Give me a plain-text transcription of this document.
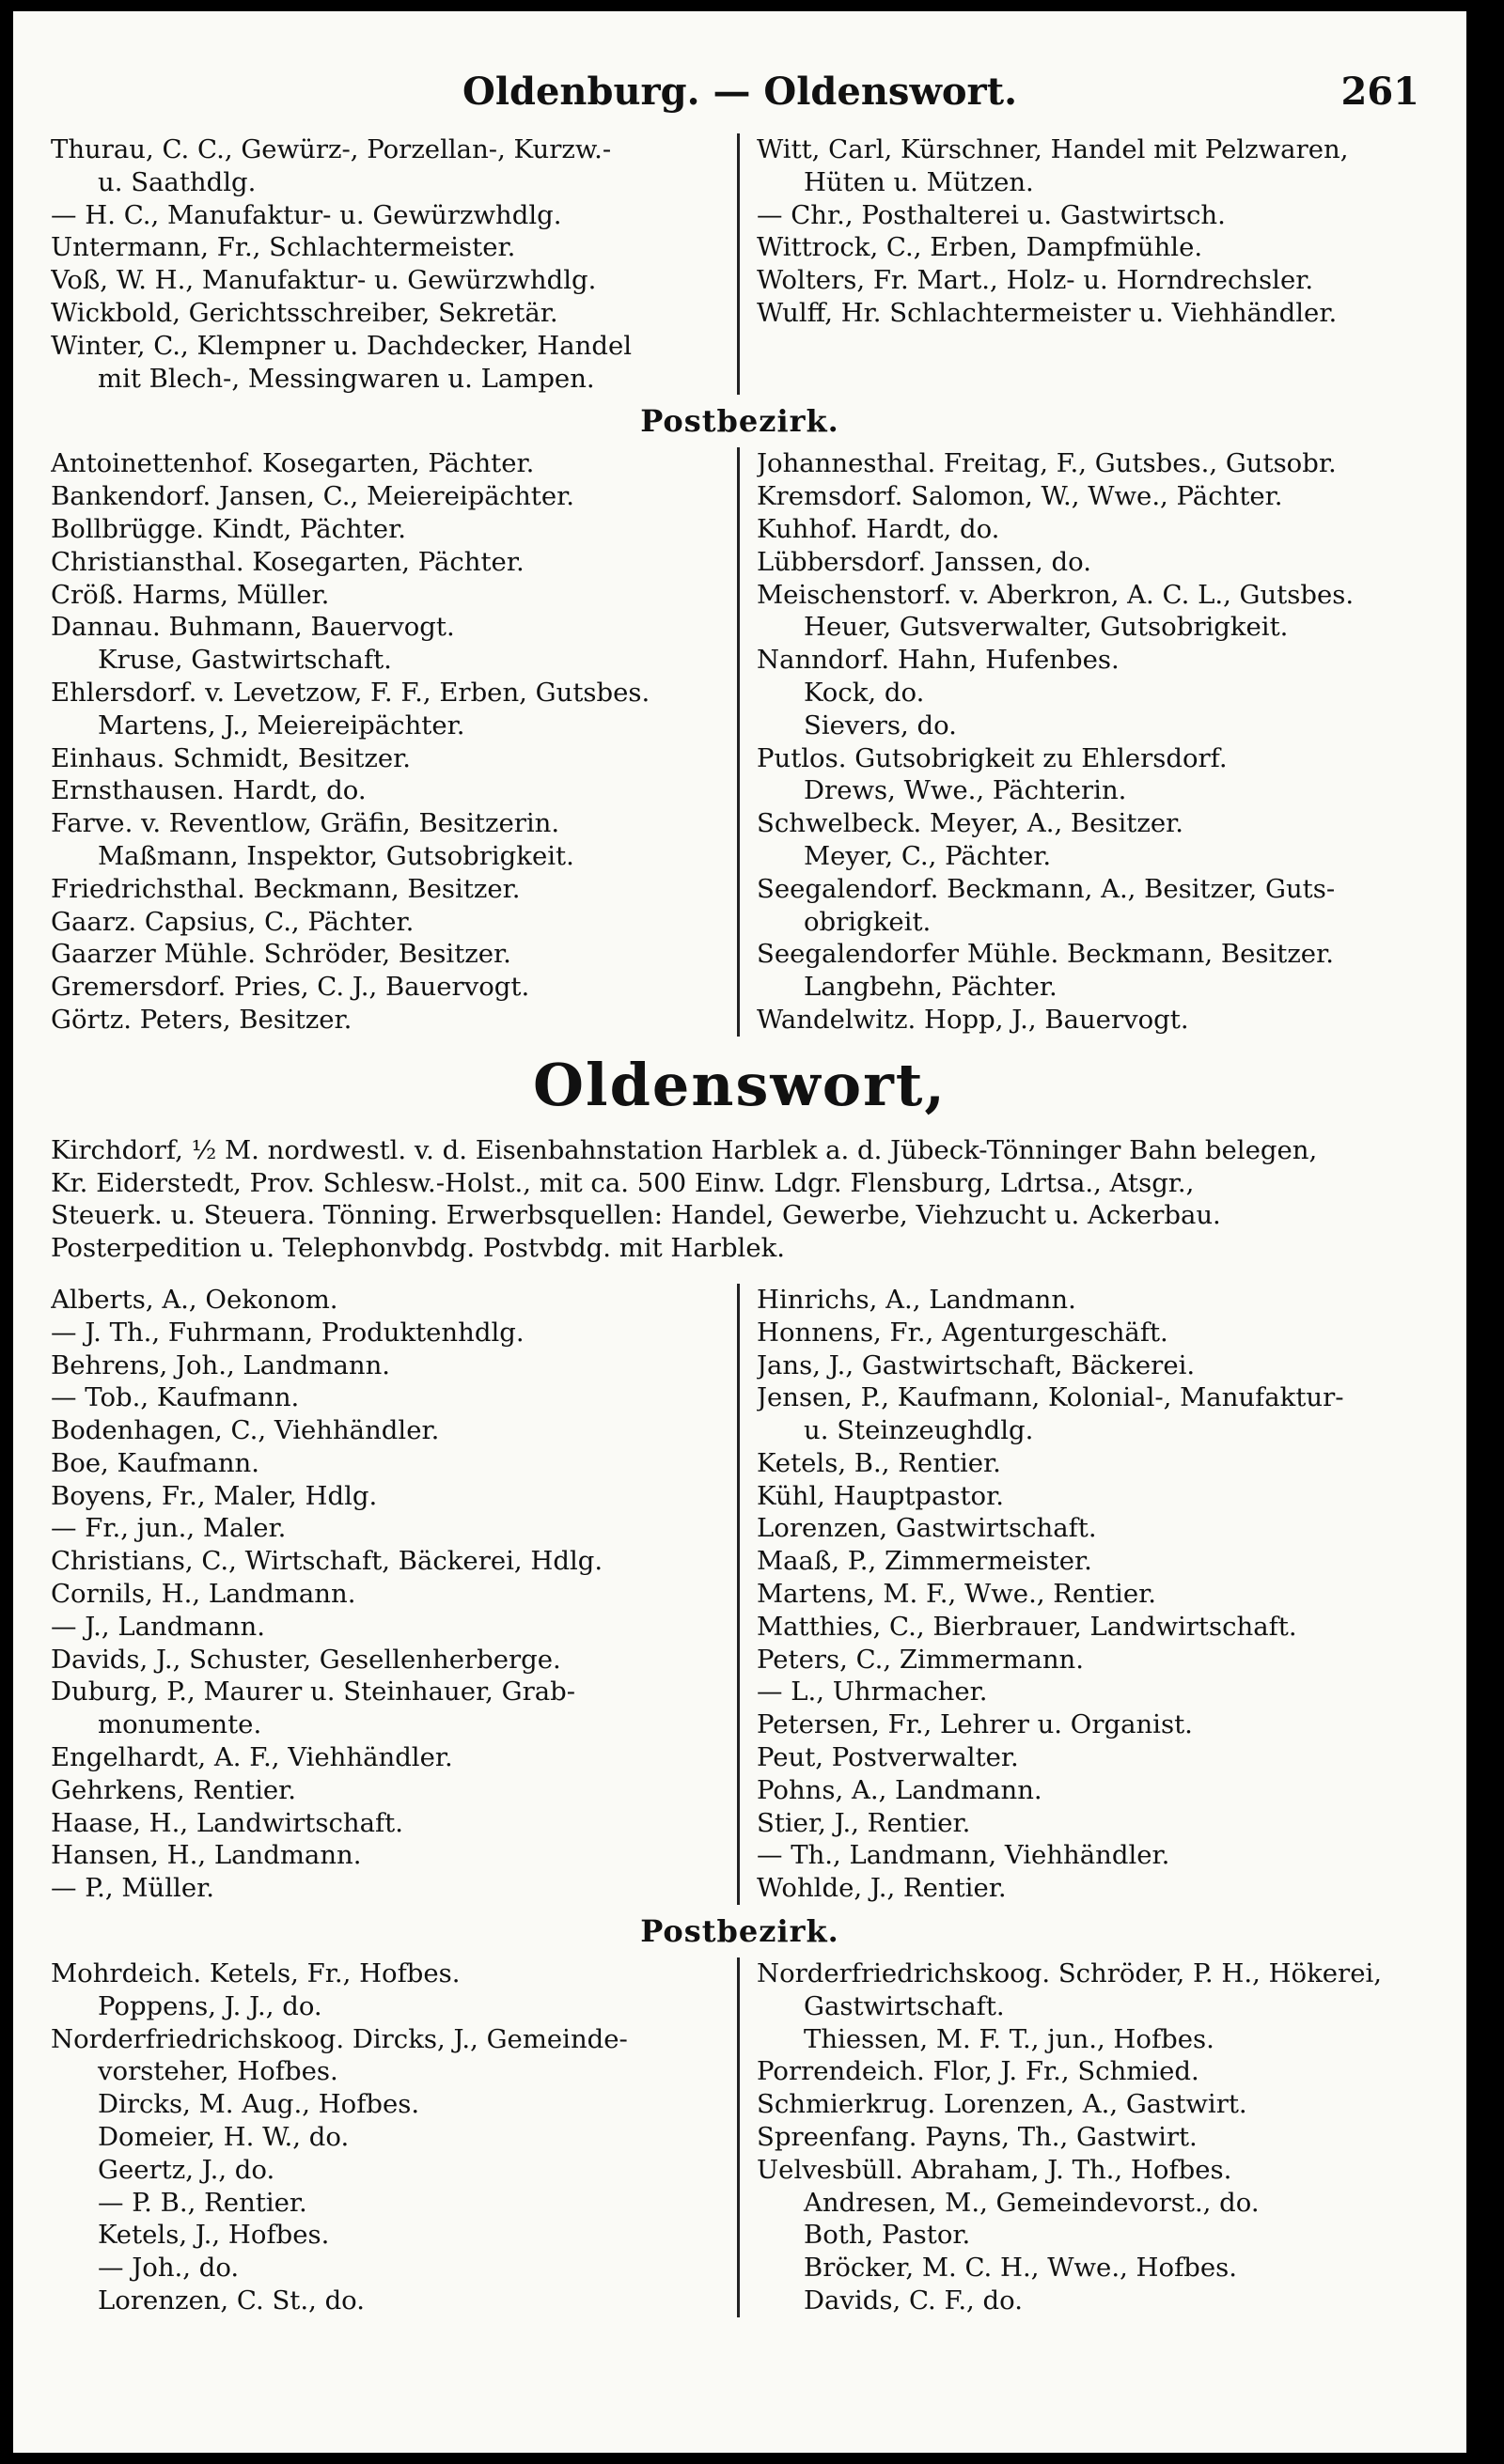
Oldenburg. — Oldenswort.	261
Thurau, C. C., Gewürz-, Porzellan-, Kurzw.-
u. Saathdlg.
— H. C., Manufaktur- u. Gewürzwhdlg.
Untermann, Fr., Schlachtermeister.
Voß, W. H., Manufaktur- u. Gewürzwhdlg.
Wickbold, Gerichtsschreiber, Sekretär.
Winter, C., Klempner u. Dachdecker, Handel
mit Blech-, Messingwaren u. Lampen.
Witt, Carl, Kürschner, Handel mit Pelzwaren,
Hüten u. Mützen.
— Chr., Posthalterei u. Gastwirtsch.
Wittrock, C., Erben, Dampfmühle.
Wolters, Fr. Mart., Holz- u. Horndrechsler.
Wulff, Hr. Schlachtermeister u. Viehhändler.
Postbezirk.
Antoinettenhof. Kosegarten, Pächter.
Bankendorf. Jansen, C., Meiereipächter.
Bollbrügge. Kindt, Pächter.
Christiansthal. Kosegarten, Pächter.
Cröß. Harms, Müller.
Dannau. Buhmann, Bauervogt.
Kruse, Gastwirtschaft.
Ehlersdorf. v. Levetzow, F. F., Erben, Gutsbes.
Martens, J., Meiereipächter.
Einhaus. Schmidt, Besitzer.
Ernsthausen. Hardt, do.
Farve. v. Reventlow, Gräfin, Besitzerin.
Maßmann, Inspektor, Gutsobrigkeit.
Friedrichsthal. Beckmann, Besitzer.
Gaarz. Capsius, C., Pächter.
Gaarzer Mühle. Schröder, Besitzer.
Gremersdorf. Pries, C. J., Bauervogt.
Görtz. Peters, Besitzer.
Johannesthal. Freitag, F., Gutsbes., Gutsobr.
Kremsdorf. Salomon, W., Wwe., Pächter.
Kuhhof. Hardt, do.
Lübbersdorf. Janssen, do.
Meischenstorf. v. Aberkron, A. C. L., Gutsbes.
Heuer, Gutsverwalter, Gutsobrigkeit.
Nanndorf. Hahn, Hufenbes.
Kock, do.
Sievers, do.
Putlos. Gutsobrigkeit zu Ehlersdorf.
Drews, Wwe., Pächterin.
Schwelbeck. Meyer, A., Besitzer.
Meyer, C., Pächter.
Seegalendorf. Beckmann, A., Besitzer, Guts-
obrigkeit.
Seegalendorfer Mühle. Beckmann, Besitzer.
Langbehn, Pächter.
Wandelwitz. Hopp, J., Bauervogt.
Oldenswort,
Kirchdorf, ½ M. nordwestl. v. d. Eisenbahnstation Harblek a. d. Jübeck-Tönninger Bahn belegen,
Kr. Eiderstedt, Prov. Schlesw.-Holst., mit ca. 500 Einw. Ldgr. Flensburg, Ldrtsa., Atsgr.,
Steuerk. u. Steuera. Tönning. Erwerbsquellen: Handel, Gewerbe, Viehzucht u. Ackerbau.
Posterpedition u. Telephonvbdg. Postvbdg. mit Harblek.
Alberts, A., Oekonom.
— J. Th., Fuhrmann, Produktenhdlg.
Behrens, Joh., Landmann.
— Tob., Kaufmann.
Bodenhagen, C., Viehhändler.
Boe, Kaufmann.
Boyens, Fr., Maler, Hdlg.
— Fr., jun., Maler.
Christians, C., Wirtschaft, Bäckerei, Hdlg.
Cornils, H., Landmann.
— J., Landmann.
Davids, J., Schuster, Gesellenherberge.
Duburg, P., Maurer u. Steinhauer, Grab-
monumente.
Engelhardt, A. F., Viehhändler.
Gehrkens, Rentier.
Haase, H., Landwirtschaft.
Hansen, H., Landmann.
— P., Müller.
Hinrichs, A., Landmann.
Honnens, Fr., Agenturgeschäft.
Jans, J., Gastwirtschaft, Bäckerei.
Jensen, P., Kaufmann, Kolonial-, Manufaktur-
u. Steinzeughdlg.
Ketels, B., Rentier.
Kühl, Hauptpastor.
Lorenzen, Gastwirtschaft.
Maaß, P., Zimmermeister.
Martens, M. F., Wwe., Rentier.
Matthies, C., Bierbrauer, Landwirtschaft.
Peters, C., Zimmermann.
— L., Uhrmacher.
Petersen, Fr., Lehrer u. Organist.
Peut, Postverwalter.
Pohns, A., Landmann.
Stier, J., Rentier.
— Th., Landmann, Viehhändler.
Wohlde, J., Rentier.
Postbezirk.
Mohrdeich. Ketels, Fr., Hofbes.
Poppens, J. J., do.
Norderfriedrichskoog. Dircks, J., Gemeinde-
vorsteher, Hofbes.
Dircks, M. Aug., Hofbes.
Domeier, H. W., do.
Geertz, J., do.
— P. B., Rentier.
Ketels, J., Hofbes.
— Joh., do.
Lorenzen, C. St., do.
Norderfriedrichskoog. Schröder, P. H., Hökerei,
Gastwirtschaft.
Thiessen, M. F. T., jun., Hofbes.
Porrendeich. Flor, J. Fr., Schmied.
Schmierkrug. Lorenzen, A., Gastwirt.
Spreenfang. Payns, Th., Gastwirt.
Uelvesbüll. Abraham, J. Th., Hofbes.
Andresen, M., Gemeindevorst., do.
Both, Pastor.
Bröcker, M. C. H., Wwe., Hofbes.
Davids, C. F., do.
